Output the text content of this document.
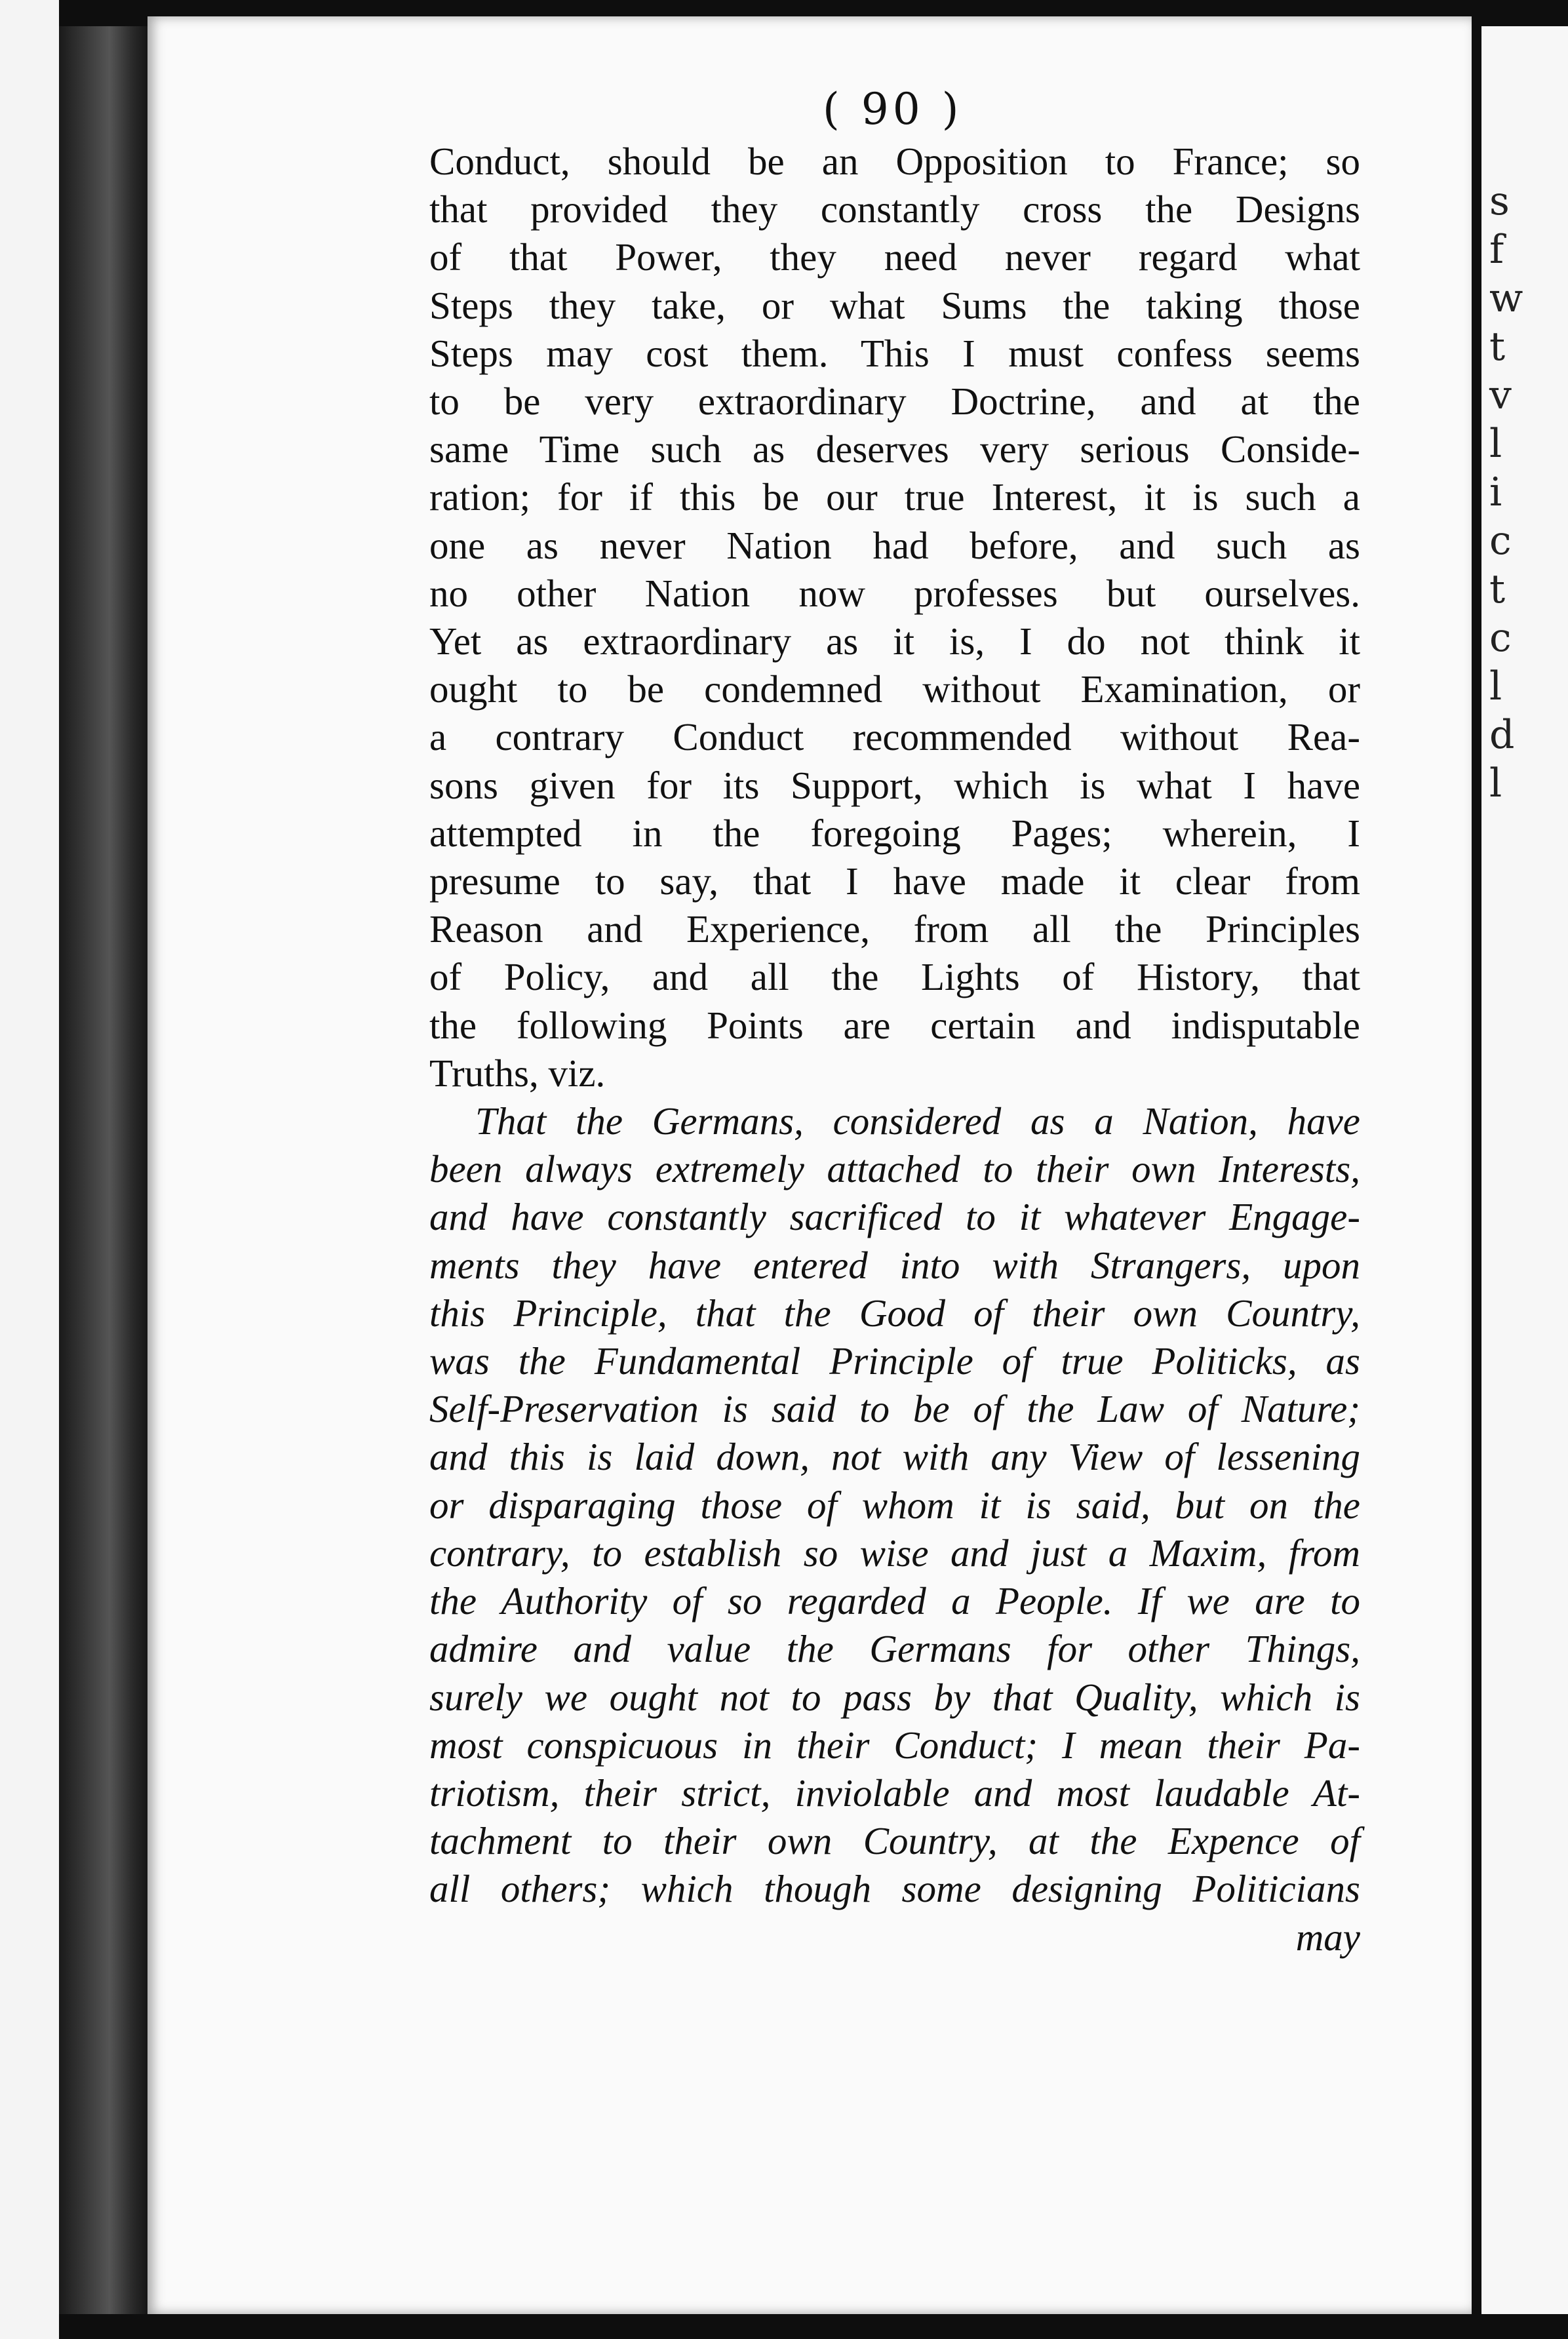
s
f
w
t
v
l
i
c
t
c
l
d
l

( 90 )
Conduct, should be an Opposition to France; so
that provided they constantly cross the Designs
of that Power, they need never regard what
Steps they take, or what Sums the taking those
Steps may cost them. This I must confess seems
to be very extraordinary Doctrine, and at the
same Time such as deserves very serious Conside-
ration; for if this be our true Interest, it is such a
one as never Nation had before, and such as
no other Nation now professes but ourselves.
Yet as extraordinary as it is, I do not think it
ought to be condemned without Examination, or
a contrary Conduct recommended without Rea-
sons given for its Support, which is what I have
attempted in the foregoing Pages; wherein, I
presume to say, that I have made it clear from
Reason and Experience, from all the Principles
of Policy, and all the Lights of History, that
the following Points are certain and indisputable
Truths, viz.
That the Germans, considered as a Nation, have
been always extremely attached to their own Interests,
and have constantly sacrificed to it whatever Engage-
ments they have entered into with Strangers, upon
this Principle, that the Good of their own Country,
was the Fundamental Principle of true Politicks, as
Self-Preservation is said to be of the Law of Nature;
and this is laid down, not with any View of lessening
or disparaging those of whom it is said, but on the
contrary, to establish so wise and just a Maxim, from
the Authority of so regarded a People. If we are to
admire and value the Germans for other Things,
surely we ought not to pass by that Quality, which is
most conspicuous in their Conduct; I mean their Pa-
triotism, their strict, inviolable and most laudable At-
tachment to their own Country, at the Expence of
all others; which though some designing Politicians
may
